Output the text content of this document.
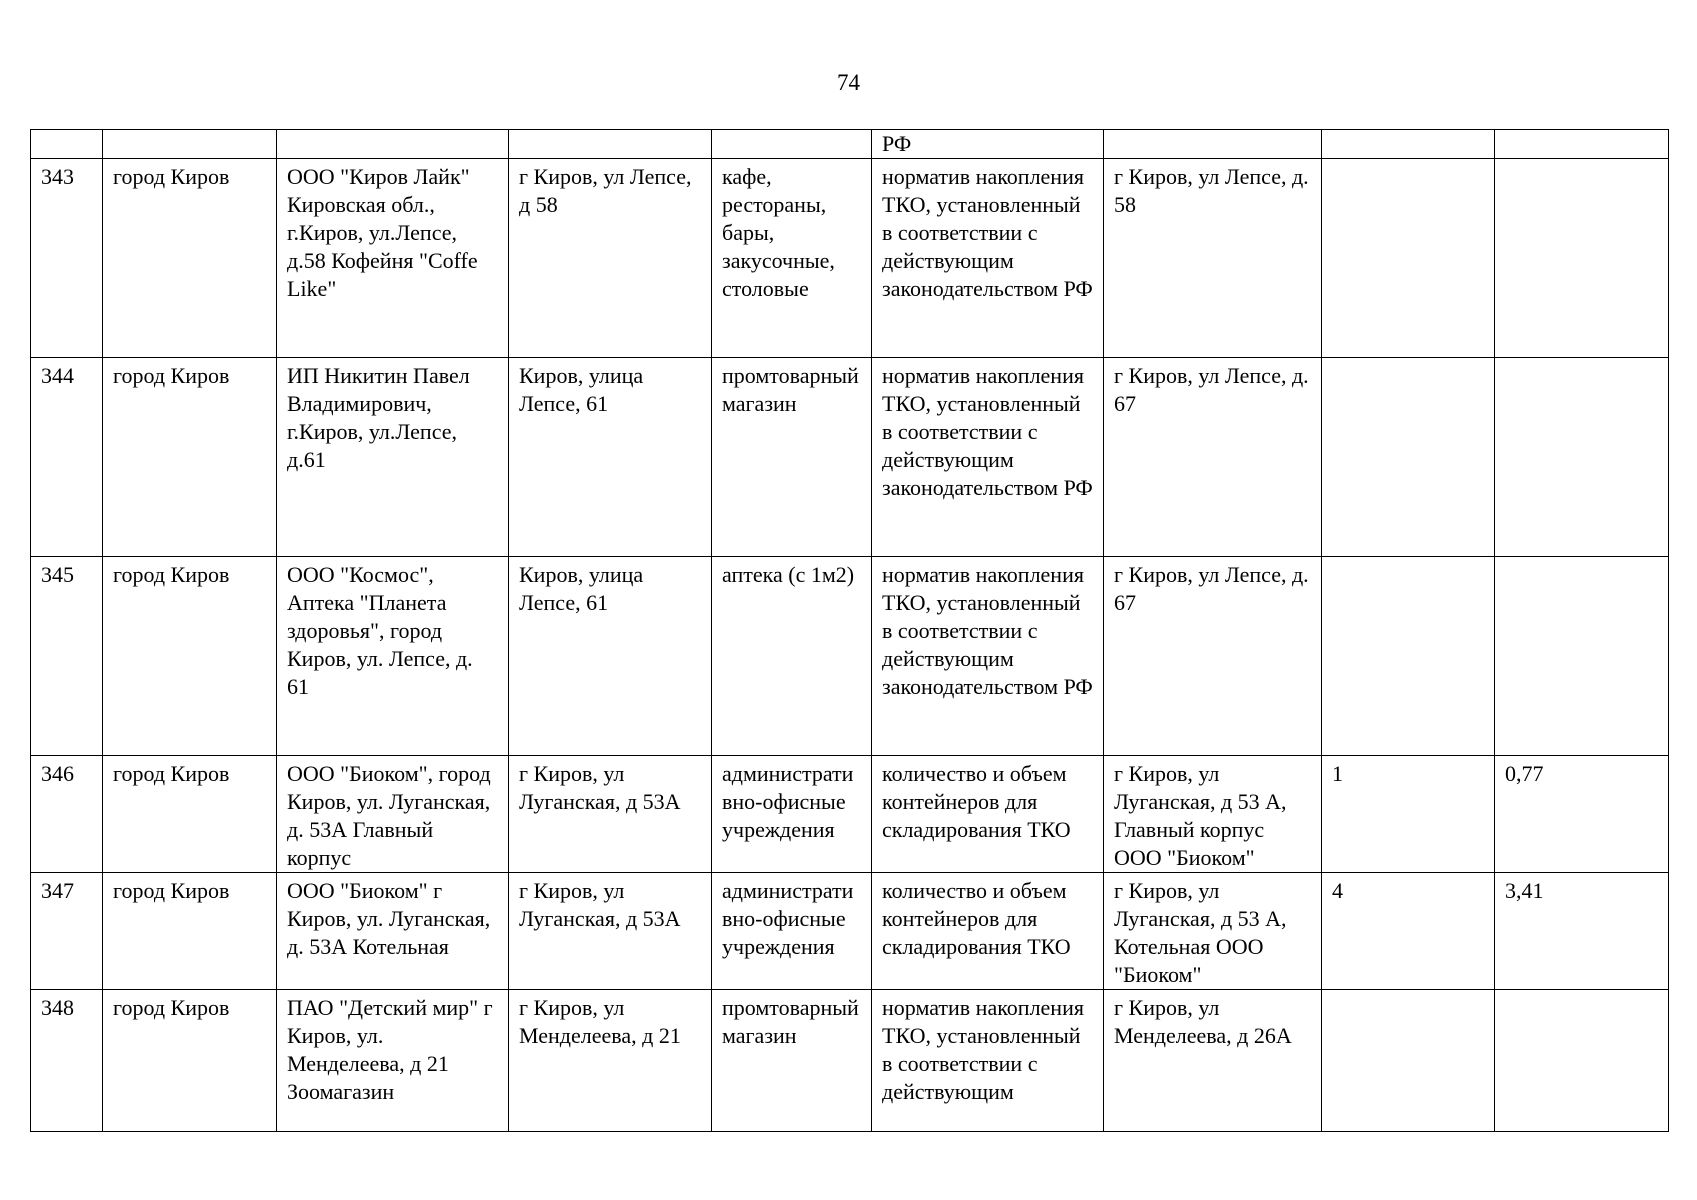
74
					РФ			
343	город Киров	ООО "Киров Лайк" Кировская обл., г.Киров, ул.Лепсе, д.58 Кофейня "Coffe Like"	г Киров, ул Лепсе, д 58	кафе, рестораны, бары, закусочные, столовые	норматив накопления ТКО, установленный в соответствии с действующим законодательством РФ	г Киров, ул Лепсе, д. 58		
344	город Киров	ИП Никитин Павел Владимирович, г.Киров, ул.Лепсе, д.61	Киров, улица Лепсе, 61	промтоварный магазин	норматив накопления ТКО, установленный в соответствии с действующим законодательством РФ	г Киров, ул Лепсе, д. 67		
345	город Киров	ООО "Космос", Аптека "Планета здоровья", город Киров, ул. Лепсе, д. 61	Киров, улица Лепсе, 61	аптека (с 1м2)	норматив накопления ТКО, установленный в соответствии с действующим законодательством РФ	г Киров, ул Лепсе, д. 67		
346	город Киров	ООО "Биоком", город Киров, ул. Луганская, д. 53А Главный корпус	г Киров, ул Луганская, д 53А	административно-офисные учреждения	количество и объем контейнеров для складирования ТКО	г Киров, ул Луганская, д 53 А, Главный корпус ООО "Биоком"	1	0,77
347	город Киров	ООО "Биоком" г Киров, ул. Луганская, д. 53А Котельная	г Киров, ул Луганская, д 53А	административно-офисные учреждения	количество и объем контейнеров для складирования ТКО	г Киров, ул Луганская, д 53 А, Котельная ООО "Биоком"	4	3,41
348	город Киров	ПАО "Детский мир" г Киров, ул. Менделеева, д 21 Зоомагазин	г Киров, ул Менделеева, д 21	промтоварный магазин	норматив накопления ТКО, установленный в соответствии с действующим	г Киров, ул Менделеева, д 26А		
